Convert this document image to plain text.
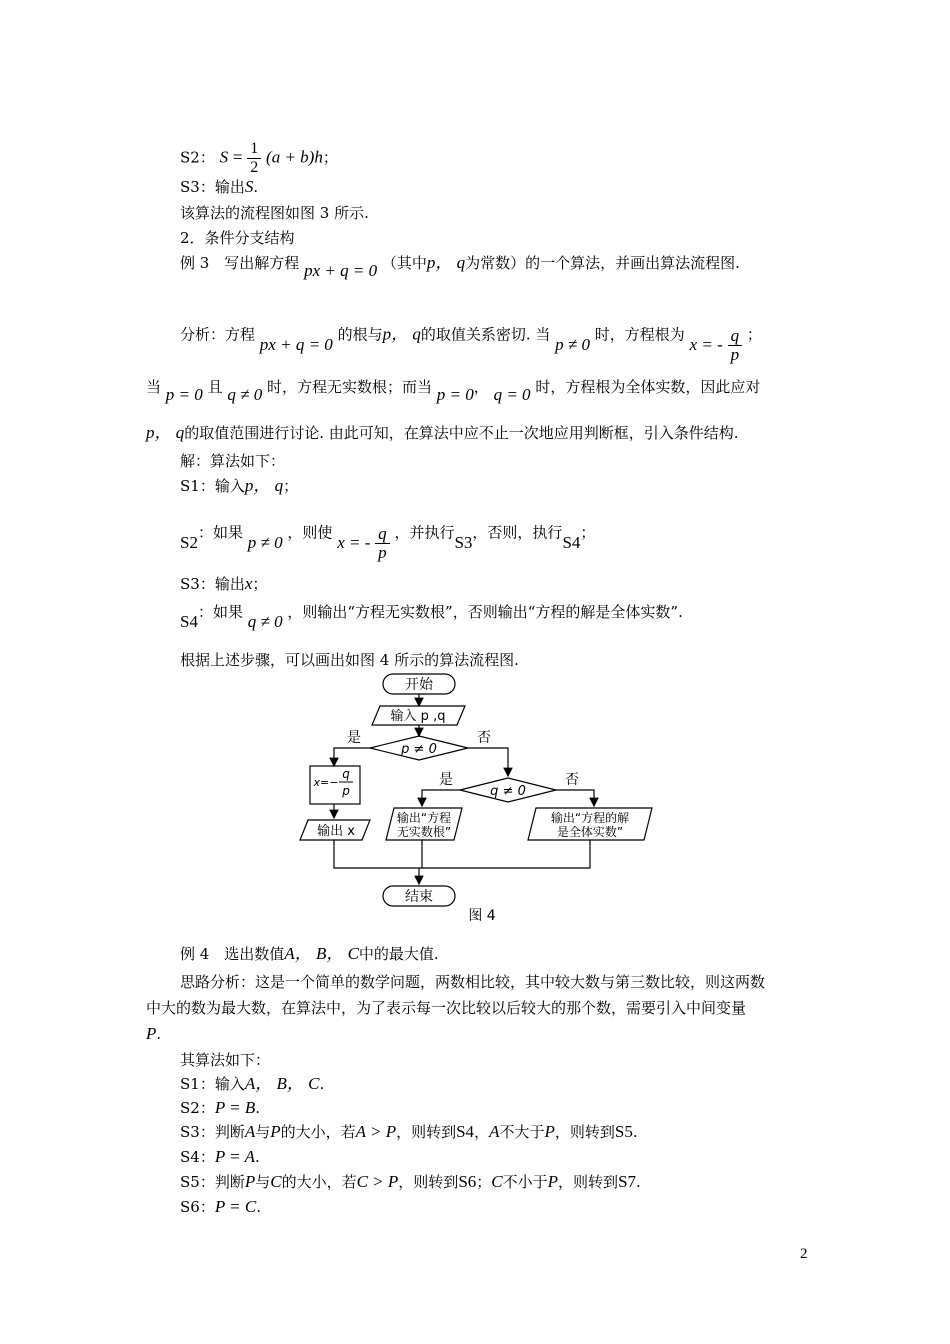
S2： $S = \frac{1}{2} (a + b)h$；
S3：输出S.
该算法的流程图如图 3 所示.
2．条件分支结构
例 3　写出解方程 px + q = 0 （其中p， q为常数）的一个算法，并画出算法流程图.
分析：方程 px + q = 0 的根与p， q的取值关系密切. 当 p ≠ 0 时，方程根为 x = - $\frac{q}{p}$ ；
当 p = 0 且 q ≠ 0 时，方程无实数根；而当 p = 0， q = 0 时，方程根为全体实数，因此应对
p， q的取值范围进行讨论. 由此可知，在算法中应不止一次地应用判断框，引入条件结构.
解：算法如下：
S1：输入p， q；
S2：如果 p ≠ 0 ，则使 x = - $\frac{q}{p}$ ，并执行S3，否则，执行S4；
S3：输出x；
S4：如果 q ≠ 0 ，则输出“方程无实数根”，否则输出“方程的解是全体实数”.
根据上述步骤，可以画出如图 4 所示的算法流程图.
开始
输入 p ,q
p ≠ 0
是	否
x=−
q
p
输出 x
q ≠ 0
是	否
输出“方程
无实数根”
输出“方程的解
是全体实数”
结束
图 4
例 4　选出数值A， B， C中的最大值.
思路分析：这是一个简单的数学问题，两数相比较，其中较大数与第三数比较，则这两数
中大的数为最大数，在算法中，为了表示每一次比较以后较大的那个数，需要引入中间变量
P.
其算法如下：
S1：输入A， B， C.
S2：P = B.
S3：判断A与P的大小，若A > P，则转到S4，A不大于P，则转到S5.
S4：P = A.
S5：判断P与C的大小，若C > P，则转到S6；C不小于P，则转到S7.
S6：P = C.
2
